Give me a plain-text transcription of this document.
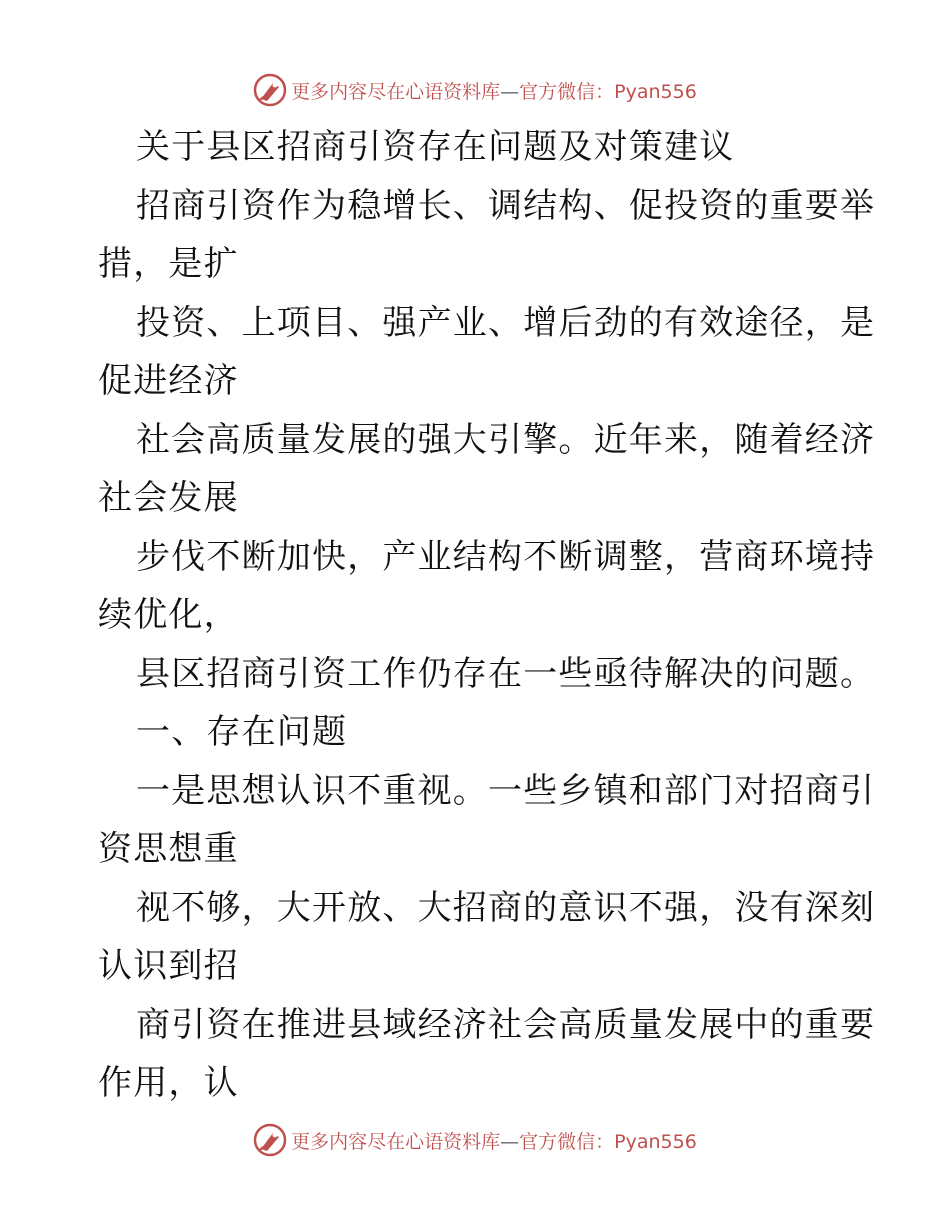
更多内容尽在心语资料库—官方微信：Pyan556
关于县区招商引资存在问题及对策建议
招商引资作为稳增长、调结构、促投资的重要举
措，是扩
投资、上项目、强产业、增后劲的有效途径，是
促进经济
社会高质量发展的强大引擎。近年来，随着经济
社会发展
步伐不断加快，产业结构不断调整，营商环境持
续优化，
县区招商引资工作仍存在一些亟待解决的问题。
一、存在问题
一是思想认识不重视。一些乡镇和部门对招商引
资思想重
视不够，大开放、大招商的意识不强，没有深刻
认识到招
商引资在推进县域经济社会高质量发展中的重要
作用，认
更多内容尽在心语资料库—官方微信：Pyan556
